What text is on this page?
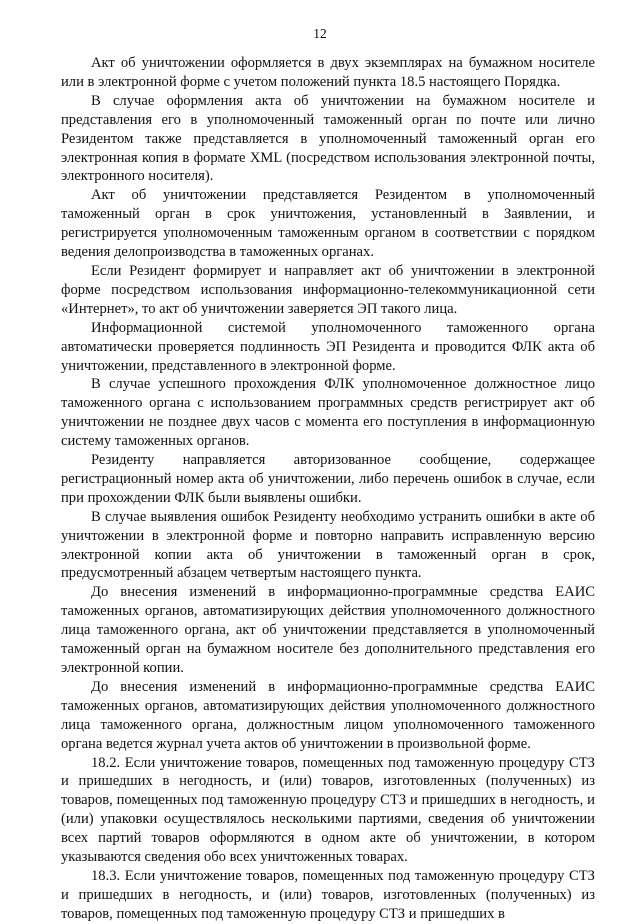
12

Акт об уничтожении оформляется в двух экземплярах на бумажном носителе или в электронной форме с учетом положений пункта 18.5 настоящего Порядка.

В случае оформления акта об уничтожении на бумажном носителе и представления его в уполномоченный таможенный орган по почте или лично Резидентом также представляется в уполномоченный таможенный орган его электронная копия в формате XML (посредством использования электронной почты, электронного носителя).

Акт об уничтожении представляется Резидентом в уполномоченный таможенный орган в срок уничтожения, установленный в Заявлении, и регистрируется уполномоченным таможенным органом в соответствии с порядком ведения делопроизводства в таможенных органах.

Если Резидент формирует и направляет акт об уничтожении в электронной форме посредством использования информационно-телекоммуникационной сети «Интернет», то акт об уничтожении заверяется ЭП такого лица.

Информационной системой уполномоченного таможенного органа автоматически проверяется подлинность ЭП Резидента и проводится ФЛК акта об уничтожении, представленного в электронной форме.

В случае успешного прохождения ФЛК уполномоченное должностное лицо таможенного органа с использованием программных средств регистрирует акт об уничтожении не позднее двух часов с момента его поступления в информационную систему таможенных органов.

Резиденту направляется авторизованное сообщение, содержащее регистрационный номер акта об уничтожении, либо перечень ошибок в случае, если при прохождении ФЛК были выявлены ошибки.

В случае выявления ошибок Резиденту необходимо устранить ошибки в акте об уничтожении в электронной форме и повторно направить исправленную версию электронной копии акта об уничтожении в таможенный орган в срок, предусмотренный абзацем четвертым настоящего пункта.

До внесения изменений в информационно-программные средства ЕАИС таможенных органов, автоматизирующих действия уполномоченного должностного лица таможенного органа, акт об уничтожении представляется в уполномоченный таможенный орган на бумажном носителе без дополнительного представления его электронной копии.

До внесения изменений в информационно-программные средства ЕАИС таможенных органов, автоматизирующих действия уполномоченного должностного лица таможенного органа, должностным лицом уполномоченного таможенного органа ведется журнал учета актов об уничтожении в произвольной форме.

18.2. Если уничтожение товаров, помещенных под таможенную процедуру СТЗ и пришедших в негодность, и (или) товаров, изготовленных (полученных) из товаров, помещенных под таможенную процедуру СТЗ и пришедших в негодность, и (или) упаковки осуществлялось несколькими партиями, сведения об уничтожении всех партий товаров оформляются в одном акте об уничтожении, в котором указываются сведения обо всех уничтоженных товарах.

18.3. Если уничтожение товаров, помещенных под таможенную процедуру СТЗ и пришедших в негодность, и (или) товаров, изготовленных (полученных) из товаров, помещенных под таможенную процедуру СТЗ и пришедших в
